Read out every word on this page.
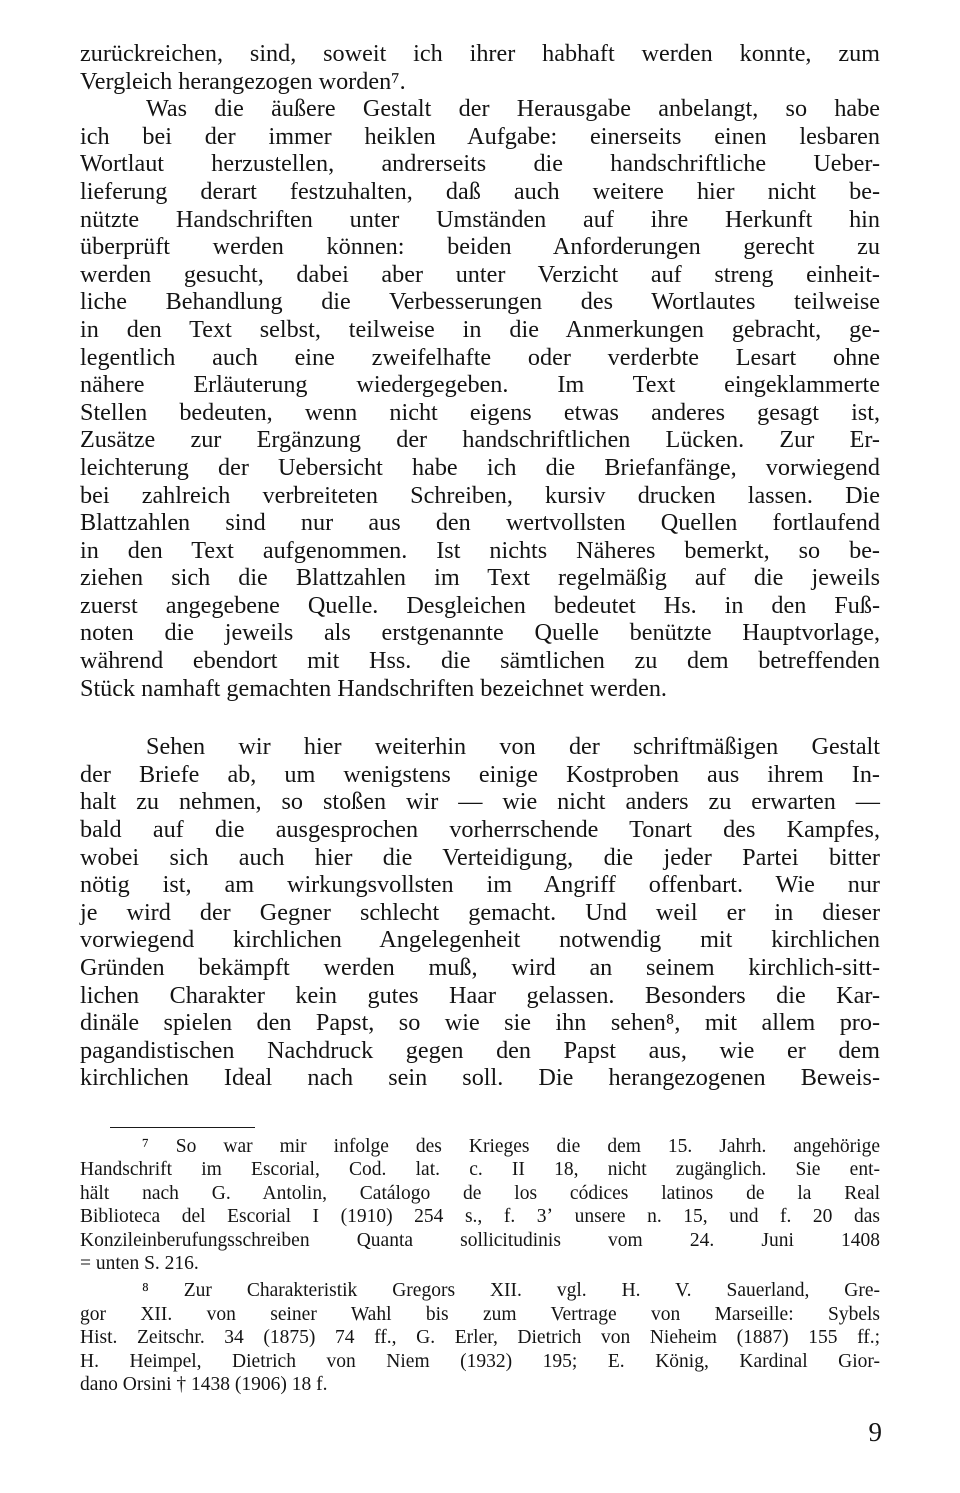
zurückreichen, sind, soweit ich ihrer habhaft werden konnte, zum
Vergleich herangezogen worden⁷.
Was die äußere Gestalt der Herausgabe anbelangt, so habe
ich bei der immer heiklen Aufgabe: einerseits einen lesbaren
Wortlaut herzustellen, andrerseits die handschriftliche Ueber-
lieferung derart festzuhalten, daß auch weitere hier nicht be-
nützte Handschriften unter Umständen auf ihre Herkunft hin
überprüft werden können: beiden Anforderungen gerecht zu
werden gesucht, dabei aber unter Verzicht auf streng einheit-
liche Behandlung die Verbesserungen des Wortlautes teilweise
in den Text selbst, teilweise in die Anmerkungen gebracht, ge-
legentlich auch eine zweifelhafte oder verderbte Lesart ohne
nähere Erläuterung wiedergegeben. Im Text eingeklammerte
Stellen bedeuten, wenn nicht eigens etwas anderes gesagt ist,
Zusätze zur Ergänzung der handschriftlichen Lücken. Zur Er-
leichterung der Uebersicht habe ich die Briefanfänge, vorwiegend
bei zahlreich verbreiteten Schreiben, kursiv drucken lassen. Die
Blattzahlen sind nur aus den wertvollsten Quellen fortlaufend
in den Text aufgenommen. Ist nichts Näheres bemerkt, so be-
ziehen sich die Blattzahlen im Text regelmäßig auf die jeweils
zuerst angegebene Quelle. Desgleichen bedeutet Hs. in den Fuß-
noten die jeweils als erstgenannte Quelle benützte Hauptvorlage,
während ebendort mit Hss. die sämtlichen zu dem betreffenden
Stück namhaft gemachten Handschriften bezeichnet werden.
Sehen wir hier weiterhin von der schriftmäßigen Gestalt
der Briefe ab, um wenigstens einige Kostproben aus ihrem In-
halt zu nehmen, so stoßen wir — wie nicht anders zu erwarten —
bald auf die ausgesprochen vorherrschende Tonart des Kampfes,
wobei sich auch hier die Verteidigung, die jeder Partei bitter
nötig ist, am wirkungsvollsten im Angriff offenbart. Wie nur
je wird der Gegner schlecht gemacht. Und weil er in dieser
vorwiegend kirchlichen Angelegenheit notwendig mit kirchlichen
Gründen bekämpft werden muß, wird an seinem kirchlich-sitt-
lichen Charakter kein gutes Haar gelassen. Besonders die Kar-
dinäle spielen den Papst, so wie sie ihn sehen⁸, mit allem pro-
pagandistischen Nachdruck gegen den Papst aus, wie er dem
kirchlichen Ideal nach sein soll. Die herangezogenen Beweis-
⁷ So war mir infolge des Krieges die dem 15. Jahrh. angehörige
Handschrift im Escorial, Cod. lat. c. II 18, nicht zugänglich. Sie ent-
hält nach G. Antolin, Catálogo de los códices latinos de la Real
Biblioteca del Escorial I (1910) 254 s., f. 3ʼ unsere n. 15, und f. 20 das
Konzileinberufungsschreiben Quanta sollicitudinis vom 24. Juni 1408
= unten S. 216.
⁸ Zur Charakteristik Gregors XII. vgl. H. V. Sauerland, Gre-
gor XII. von seiner Wahl bis zum Vertrage von Marseille: Sybels
Hist. Zeitschr. 34 (1875) 74 ff., G. Erler, Dietrich von Nieheim (1887) 155 ff.;
H. Heimpel, Dietrich von Niem (1932) 195; E. König, Kardinal Gior-
dano Orsini † 1438 (1906) 18 f.
9
